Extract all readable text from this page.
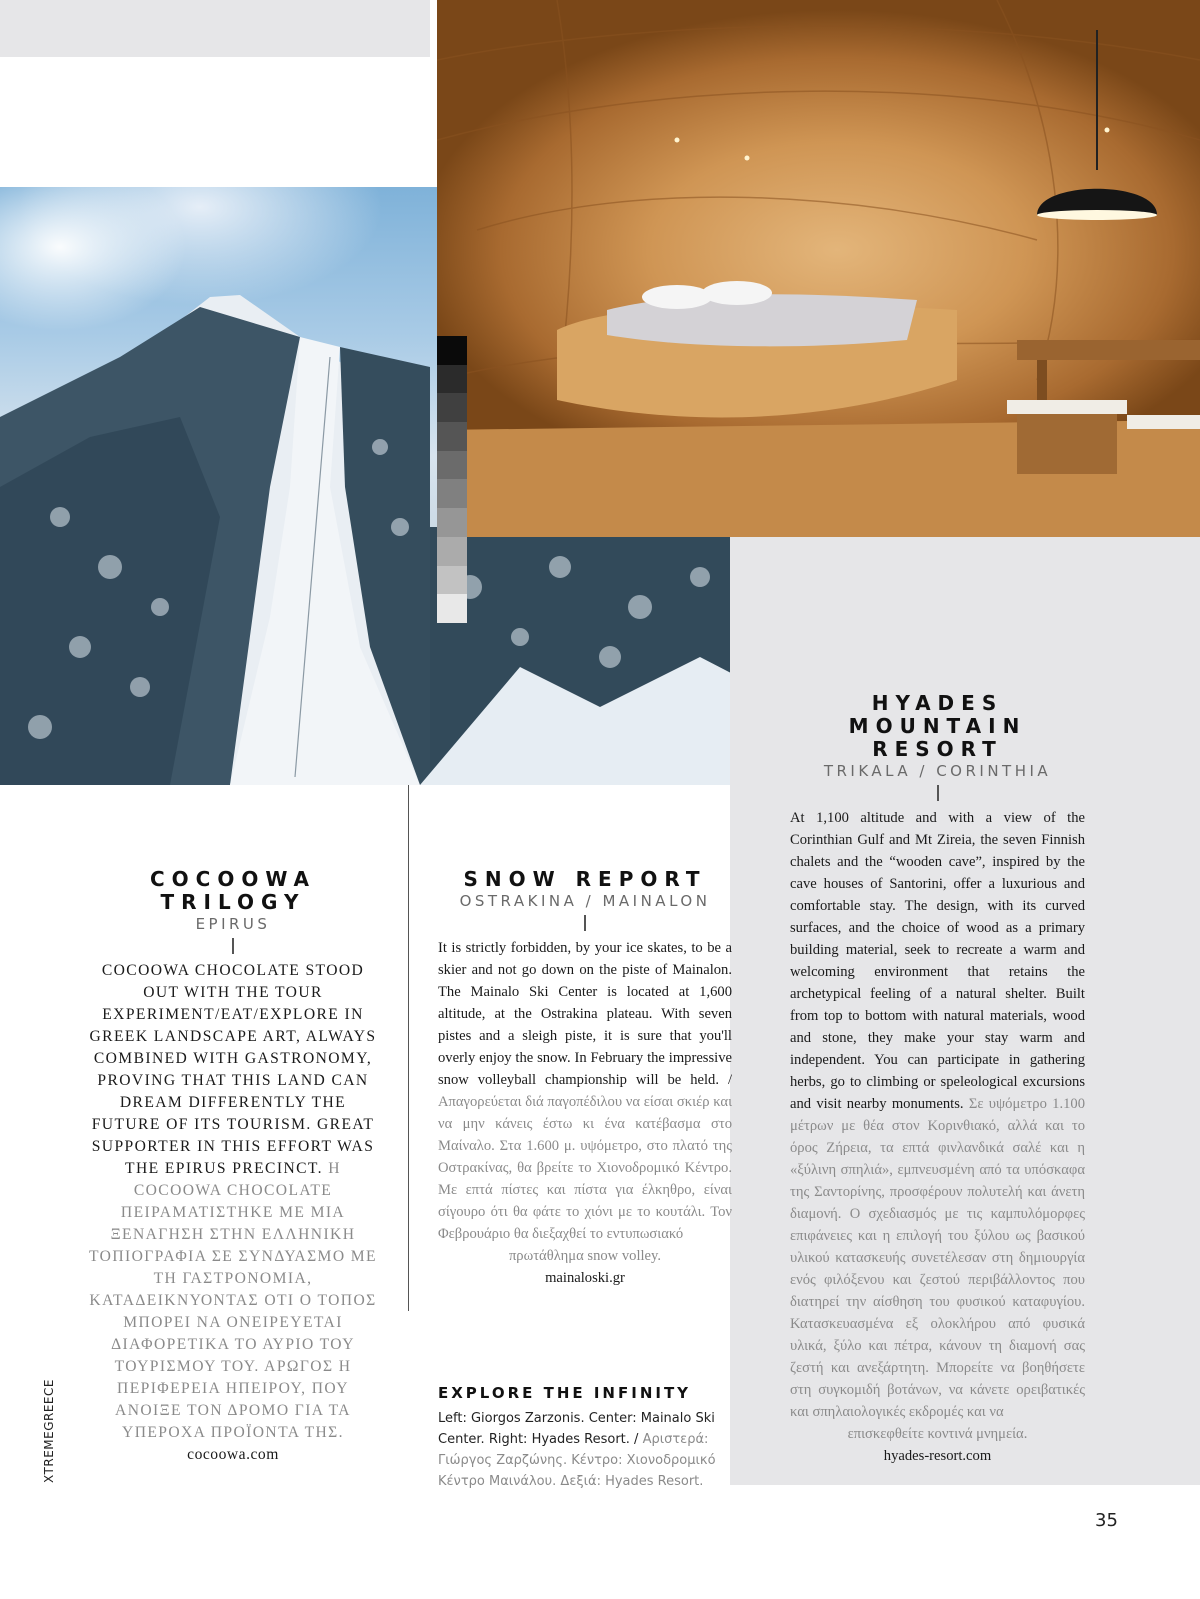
COCOOWA
TRILOGY
EPIRUS
COCOOWA CHOCOLATE STOOD OUT WITH THE TOUR EXPERIMENT/EAT/EXPLORE IN GREEK LANDSCAPE ART, ALWAYS COMBINED WITH GASTRONOMY, PROVING THAT THIS LAND CAN DREAM DIFFERENTLY THE FUTURE OF ITS TOURISM. GREAT SUPPORTER IN THIS EFFORT WAS THE EPIRUS PRECINCT. Η COCOOWA CHOCOLATE ΠΕΙΡΑΜΑΤΙΣΤΗΚΕ ΜΕ ΜΙΑ ΞΕΝΑΓΗΣΗ ΣΤΗΝ ΕΛΛΗΝΙΚΗ ΤΟΠΙΟΓΡΑΦΙΑ ΣΕ ΣΥΝΔΥΑΣΜΟ ΜΕ ΤΗ ΓΑΣΤΡΟΝΟΜΙΑ, ΚΑΤΑΔΕΙΚΝΥΟΝΤΑΣ ΟΤΙ Ο ΤΟΠΟΣ ΜΠΟΡΕΙ ΝΑ ΟΝΕΙΡΕΥΕΤΑΙ ΔΙΑΦΟΡΕΤΙΚΑ ΤΟ ΑΥΡΙΟ ΤΟΥ ΤΟΥΡΙΣΜΟΥ ΤΟΥ. ΑΡΩΓΟΣ Η ΠΕΡΙΦΕΡΕΙΑ ΗΠΕΙΡΟΥ, ΠΟΥ ΑΝΟΙΞΕ ΤΟΝ ΔΡΟΜΟ ΓΙΑ ΤΑ ΥΠΕΡΟΧΑ ΠΡΟΪΟΝΤΑ ΤΗΣ. cocoowa.com
SNOW REPORT
OSTRAKINA / MAINALON
It is strictly forbidden, by your ice skates, to be a skier and not go down on the piste of Mainalon. The Mainalo Ski Center is located at 1,600 altitude, at the Ostrakina plateau. With seven pistes and a sleigh piste, it is sure that you'll overly enjoy the snow. In February the impressive snow volleyball championship will be held. / Απαγορεύεται διά παγοπέδιλου να είσαι σκιέρ και να μην κάνεις έστω κι ένα κατέβασμα στο Μαίναλο. Στα 1.600 μ. υψόμετρο, στο πλατό της Οστρακίνας, θα βρείτε το Χιονοδρομικό Κέντρο. Με επτά πίστες και πίστα για έλκηθρο, είναι σίγουρο ότι θα φάτε το χιόνι με το κουτάλι. Τον Φεβρουάριο θα διεξαχθεί το εντυπωσιακό
πρωτάθλημα snow volley.
mainaloski.gr
HYADES MOUNTAIN
RESORT
TRIKALA / CORINTHIA
At 1,100 altitude and with a view of the Corinthian Gulf and Mt Zireia, the seven Finnish chalets and the “wooden cave”, inspired by the cave houses of Santorini, offer a luxurious and comfortable stay. The design, with its curved surfaces, and the choice of wood as a primary building material, seek to recreate a warm and welcoming environment that retains the archetypical feeling of a natural shelter. Built from top to bottom with natural materials, wood and stone, they make your stay warm and independent. You can participate in gathering herbs, go to climbing or speleological excursions and visit nearby monuments. Σε υψόμετρο 1.100 μέτρων με θέα στον Κορινθιακό, αλλά και το όρος Ζήρεια, τα επτά φινλανδικά σαλέ και η «ξύλινη σπηλιά», εμπνευσμένη από τα υπόσκαφα της Σαντορίνης, προσφέρουν πολυτελή και άνετη διαμονή. Ο σχεδιασμός με τις καμπυλόμορφες επιφάνειες και η επιλογή του ξύλου ως βασικού υλικού κατασκευής συνετέλεσαν στη δημιουργία ενός φιλόξενου και ζεστού περιβάλλοντος που διατηρεί την αίσθηση του φυσικού καταφυγίου. Κατασκευασμένα εξ ολοκλήρου από φυσικά υλικά, ξύλο και πέτρα, κάνουν τη διαμονή σας ζεστή και ανεξάρτητη. Μπορείτε να βοηθήσετε στη συγκομιδή βοτάνων, να κάνετε ορειβατικές και σπηλαιολογικές εκδρομές και να
επισκεφθείτε κοντινά μνημεία.
hyades-resort.com
EXPLORE THE INFINITY
Left: Giorgos Zarzonis. Center: Mainalo Ski Center. Right: Hyades Resort. / Αριστερά: Γιώργος Ζαρζώνης. Κέντρο: Χιονοδρομικό Κέντρο Μαινάλου. Δεξιά: Hyades Resort.
XTREMEGREECE
35
